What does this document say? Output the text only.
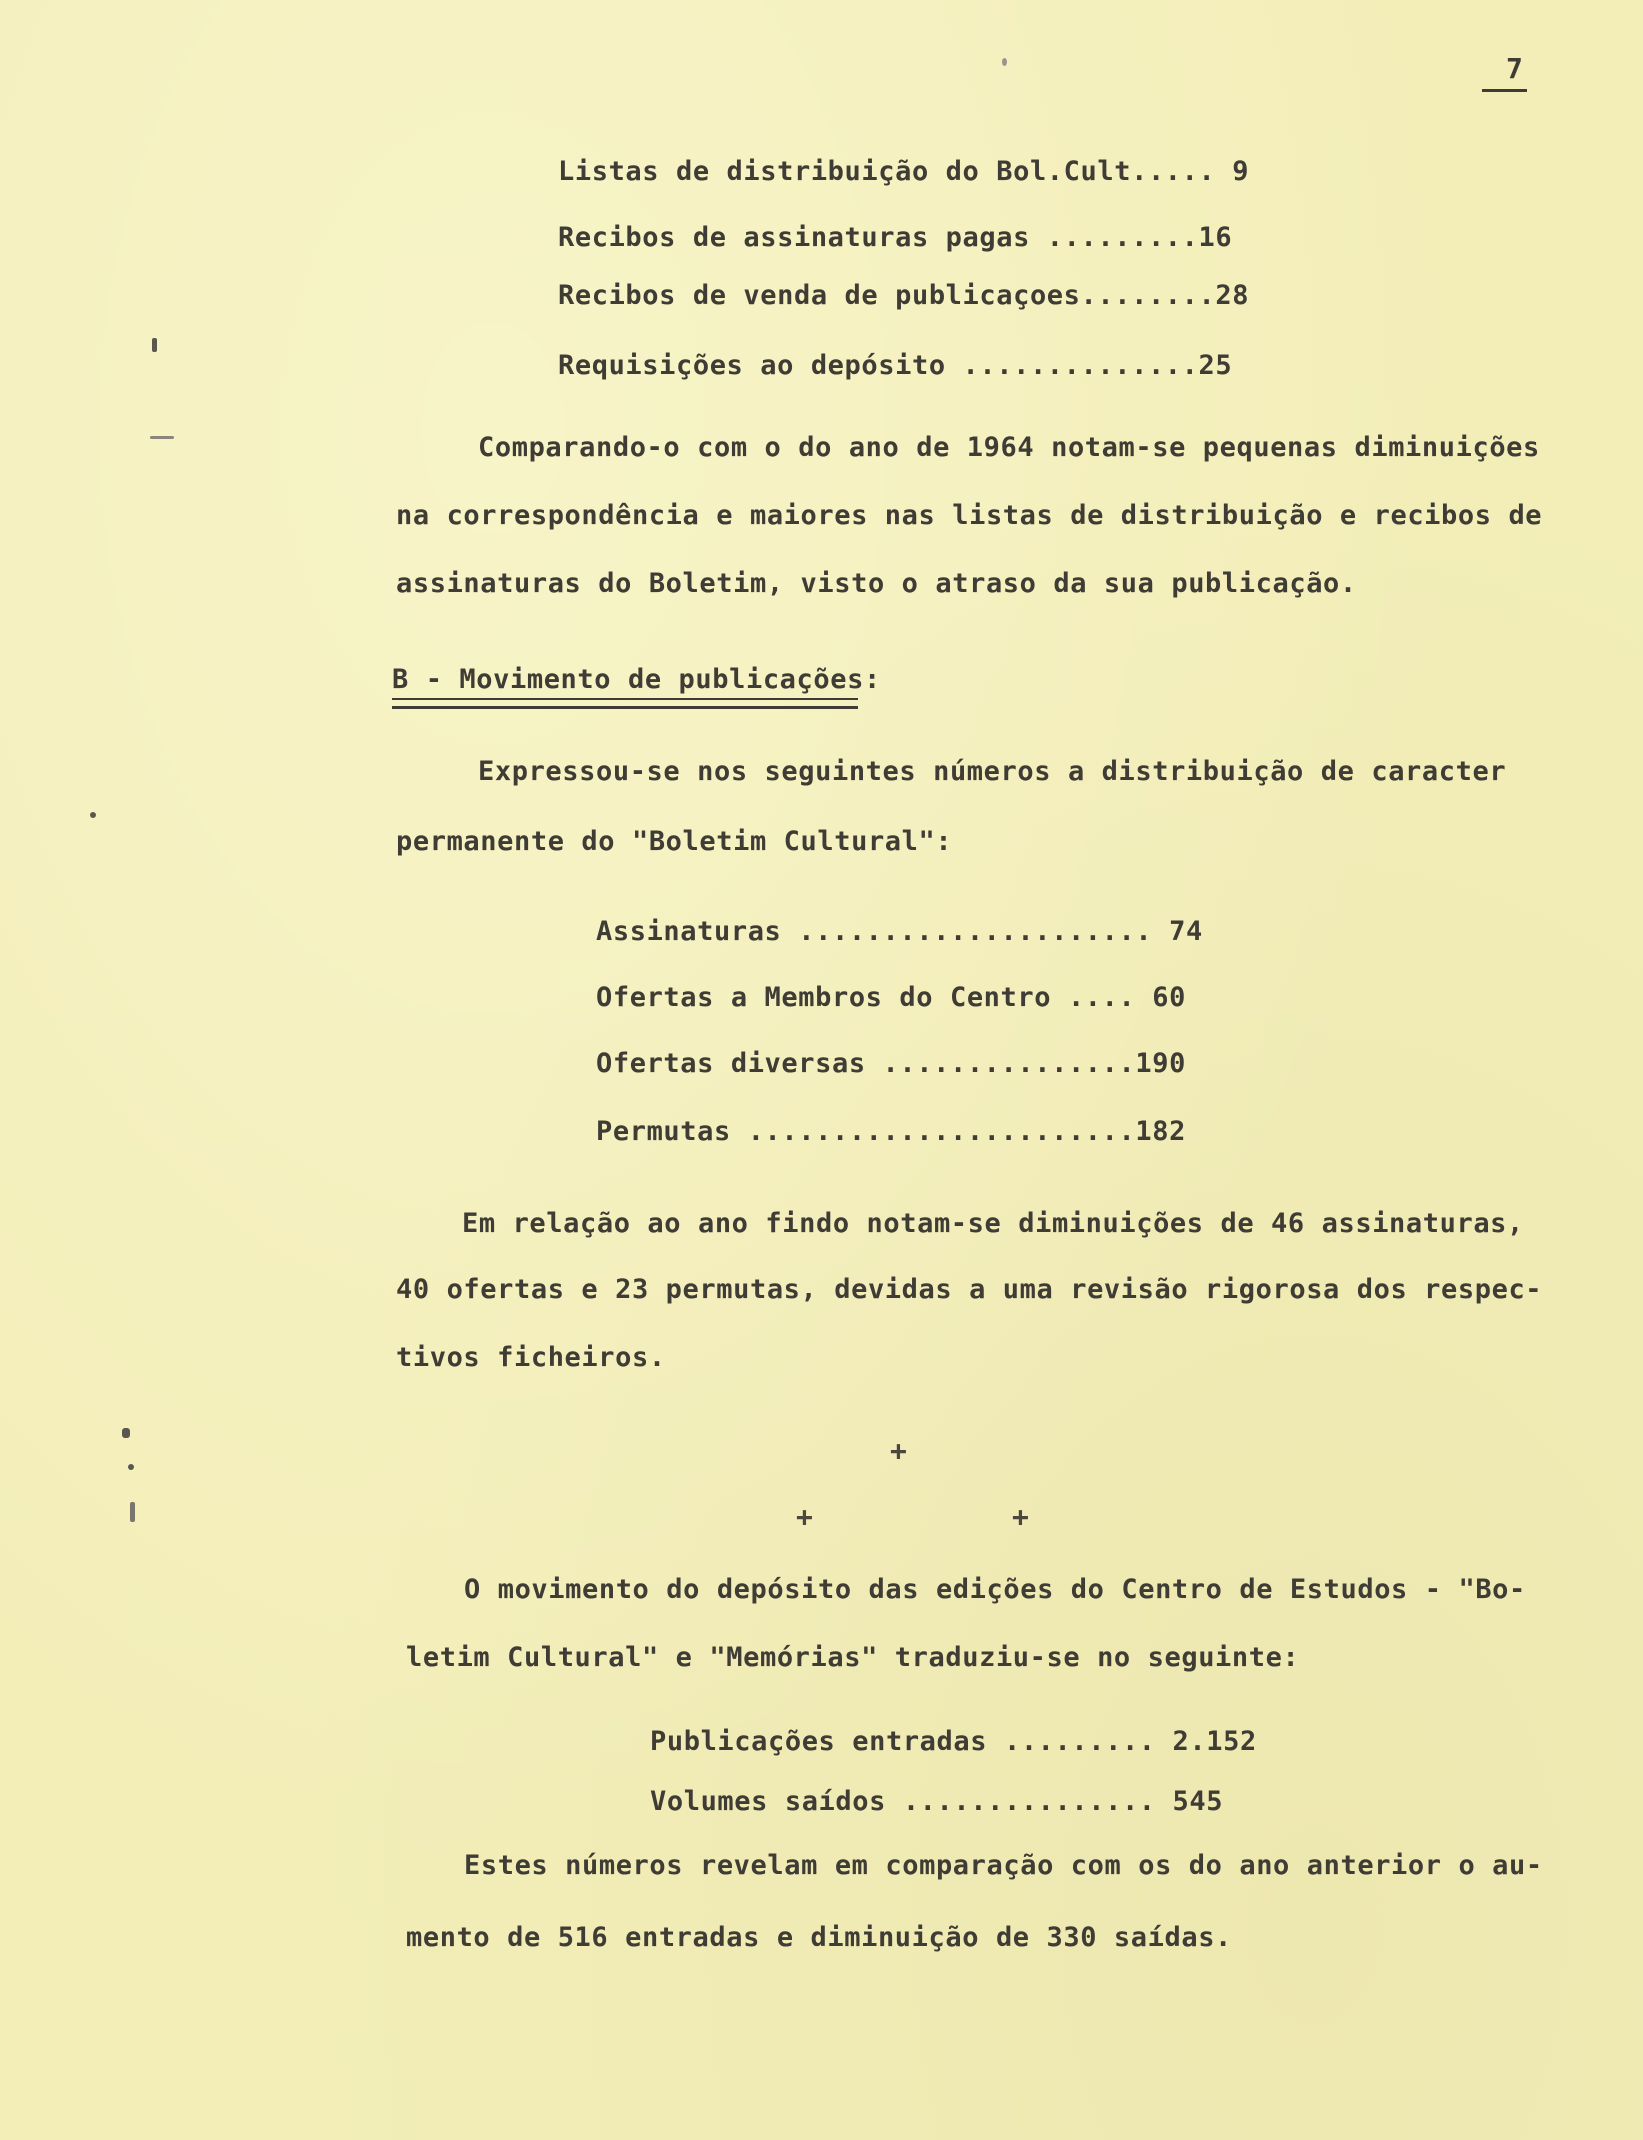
7
Listas de distribuição do Bol.Cult..... 9
Recibos de assinaturas pagas .........16
Recibos de venda de publicaçoes........28
Requisições ao depósito ..............25
Comparando-o com o do ano de 1964 notam-se pequenas diminuições
na correspondência e maiores nas listas de distribuição e recibos de
assinaturas do Boletim, visto o atraso da sua publicação.
B - Movimento de publicações:
Expressou-se nos seguintes números a distribuição de caracter
permanente do "Boletim Cultural":
Assinaturas ..................... 74
Ofertas a Membros do Centro .... 60
Ofertas diversas ...............190
Permutas .......................182
Em relação ao ano findo notam-se diminuições de 46 assinaturas,
40 ofertas e 23 permutas, devidas a uma revisão rigorosa dos respec-
tivos ficheiros.
+
+	+
O movimento do depósito das edições do Centro de Estudos - "Bo-
letim Cultural" e "Memórias" traduziu-se no seguinte:
Publicações entradas ......... 2.152
Volumes saídos ............... 545
Estes números revelam em comparação com os do ano anterior o au-
mento de 516 entradas e diminuição de 330 saídas.
